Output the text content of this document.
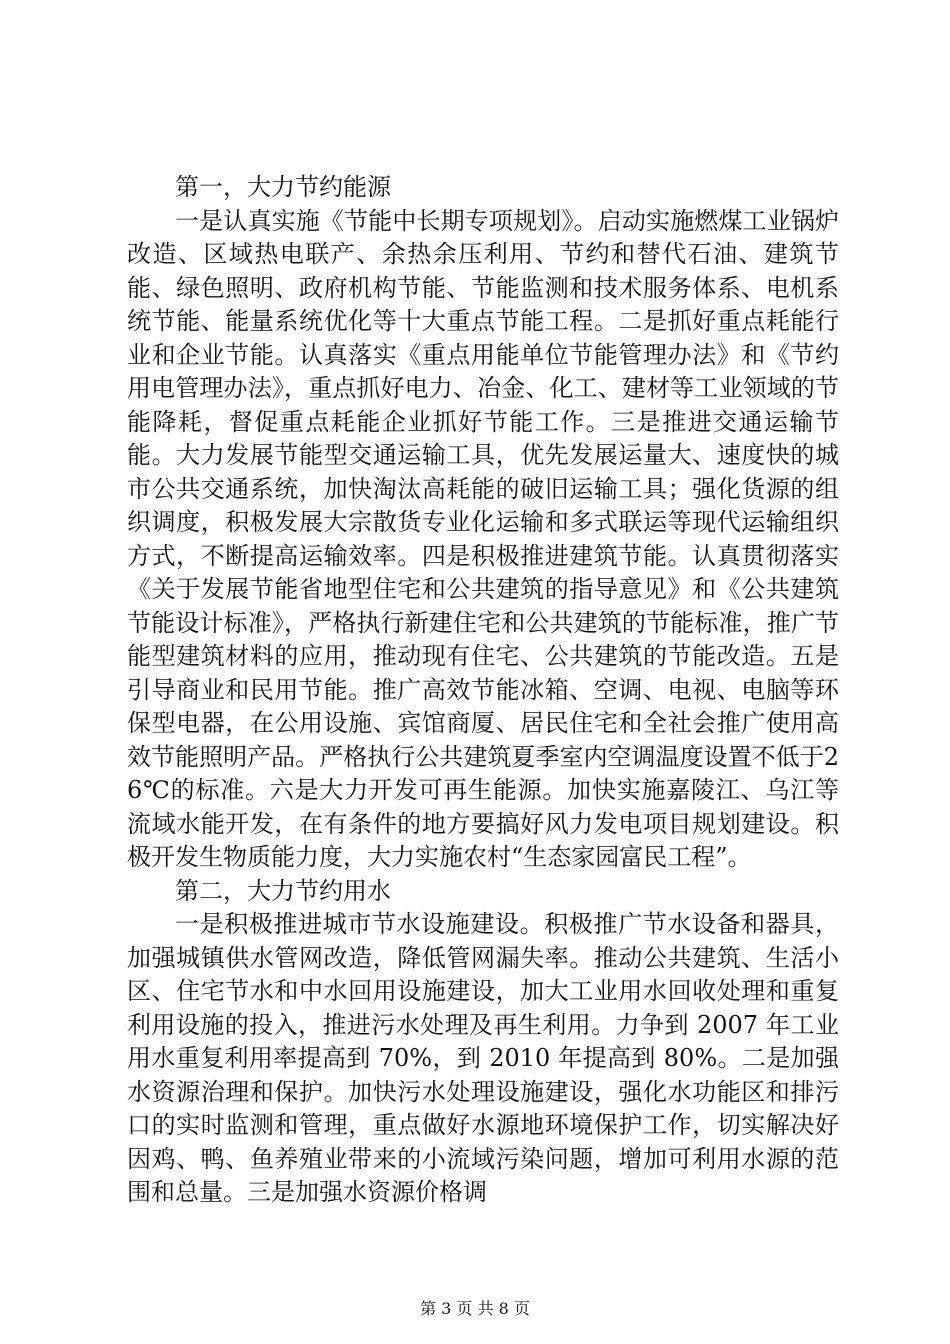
第一，大力节约能源

一是认真实施《节能中长期专项规划》。启动实施燃煤工业锅炉改造、区域热电联产、余热余压利用、节约和替代石油、建筑节能、绿色照明、政府机构节能、节能监测和技术服务体系、电机系统节能、能量系统优化等十大重点节能工程。二是抓好重点耗能行业和企业节能。认真落实《重点用能单位节能管理办法》和《节约用电管理办法》，重点抓好电力、冶金、化工、建材等工业领域的节能降耗，督促重点耗能企业抓好节能工作。三是推进交通运输节能。大力发展节能型交通运输工具，优先发展运量大、速度快的城市公共交通系统，加快淘汰高耗能的破旧运输工具；强化货源的组织调度，积极发展大宗散货专业化运输和多式联运等现代运输组织方式，不断提高运输效率。四是积极推进建筑节能。认真贯彻落实《关于发展节能省地型住宅和公共建筑的指导意见》和《公共建筑节能设计标准》，严格执行新建住宅和公共建筑的节能标准，推广节能型建筑材料的应用，推动现有住宅、公共建筑的节能改造。五是引导商业和民用节能。推广高效节能冰箱、空调、电视、电脑等环保型电器，在公用设施、宾馆商厦、居民住宅和全社会推广使用高效节能照明产品。严格执行公共建筑夏季室内空调温度设置不低于26℃的标准。六是大力开发可再生能源。加快实施嘉陵江、乌江等流域水能开发，在有条件的地方要搞好风力发电项目规划建设。积极开发生物质能力度，大力实施农村“生态家园富民工程”。

第二，大力节约用水

一是积极推进城市节水设施建设。积极推广节水设备和器具，加强城镇供水管网改造，降低管网漏失率。推动公共建筑、生活小区、住宅节水和中水回用设施建设，加大工业用水回收处理和重复利用设施的投入，推进污水处理及再生利用。力争到 2007 年工业用水重复利用率提高到 70%，到 2010 年提高到 80%。二是加强水资源治理和保护。加快污水处理设施建设，强化水功能区和排污口的实时监测和管理，重点做好水源地环境保护工作，切实解决好因鸡、鸭、鱼养殖业带来的小流域污染问题，增加可利用水源的范围和总量。三是加强水资源价格调

第 3 页 共 8 页
